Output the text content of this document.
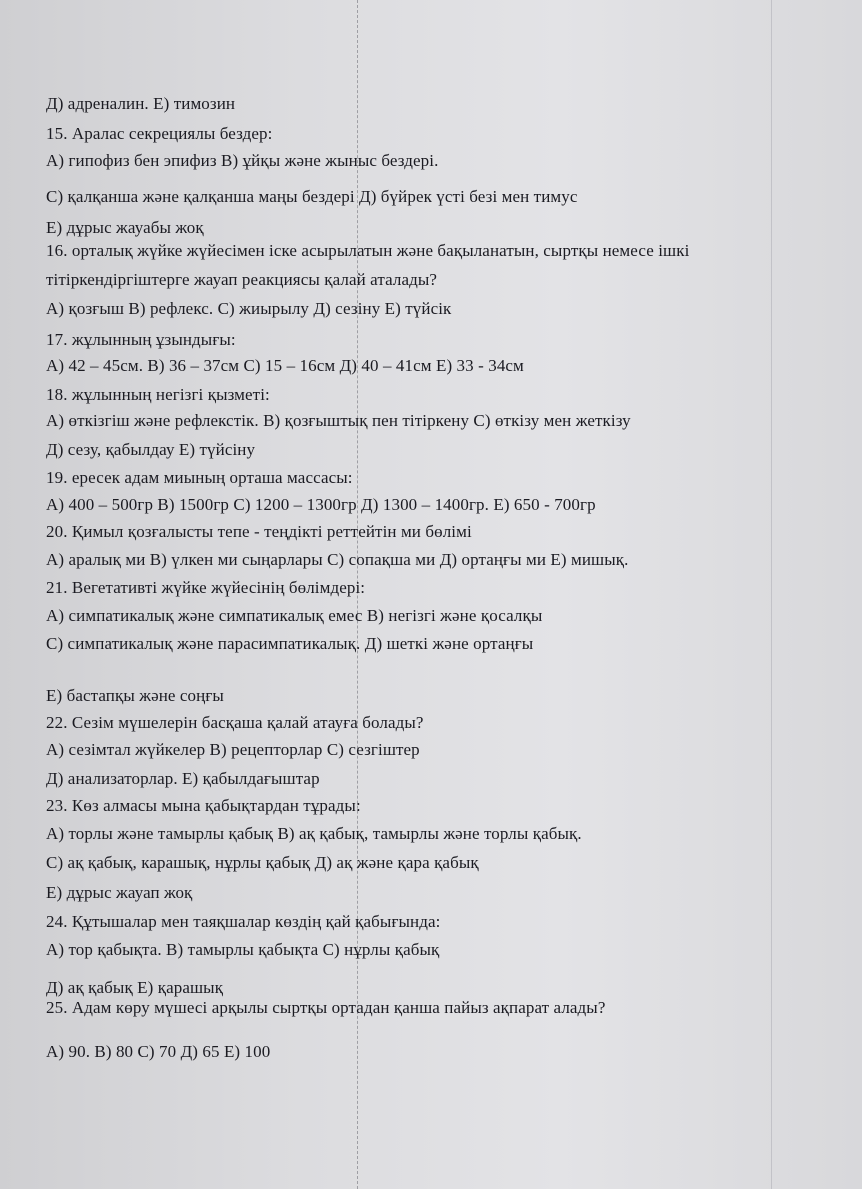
Д) адреналин. Е) тимозин
15. Аралас секрециялы бездер:
А) гипофиз бен эпифиз В) ұйқы және жыныс бездері.
С) қалқанша және қалқанша маңы бездері Д) бүйрек үсті безі мен тимус
Е) дұрыс жауабы жоқ
16. орталық жүйке жүйесімен іске асырылатын және бақыланатын, сыртқы немесе ішкі
тітіркендіргіштерге жауап реакциясы қалай аталады?
А) қозғыш В) рефлекс. С) жиырылу Д) сезіну Е) түйсік
17. жұлынның ұзындығы:
А) 42 – 45см. В) 36 – 37см С) 15 – 16см Д) 40 – 41см Е) 33 - 34см
18. жұлынның негізгі қызметі:
А) өткізгіш және рефлекстік. В) қозғыштық пен тітіркену С) өткізу мен жеткізу
Д) сезу, қабылдау Е) түйсіну
19. ересек адам миының орташа массасы:
А) 400 – 500гр В) 1500гр С) 1200 – 1300гр Д) 1300 – 1400гр. Е) 650 - 700гр
20. Қимыл қозғалысты тепе - теңдікті реттейтін ми бөлімі
А) аралық ми В) үлкен ми сыңарлары С) сопақша ми Д) ортаңғы ми Е) мишық.
21. Вегетативті жүйке жүйесінің бөлімдері:
А) симпатикалық және симпатикалық емес В) негізгі және қосалқы
С) симпатикалық және парасимпатикалық. Д) шеткі және ортаңғы
Е) бастапқы және соңғы
22. Сезім мүшелерін басқаша қалай атауға болады?
А) сезімтал жүйкелер В) рецепторлар С) сезгіштер
Д) анализаторлар. Е) қабылдағыштар
23. Көз алмасы мына қабықтардан тұрады:
А) торлы және тамырлы қабық В) ақ қабық, тамырлы және торлы қабық.
С) ақ қабық, карашық, нұрлы қабық Д) ақ және қара қабық
Е) дұрыс жауап жоқ
24. Құтышалар мен таяқшалар көздің қай қабығында:
А) тор қабықта. В) тамырлы қабықта С) нұрлы қабық
Д) ақ қабық Е) қарашық
25. Адам көру мүшесі арқылы сыртқы ортадан қанша пайыз ақпарат алады?
А) 90. В) 80 С) 70 Д) 65 Е) 100
